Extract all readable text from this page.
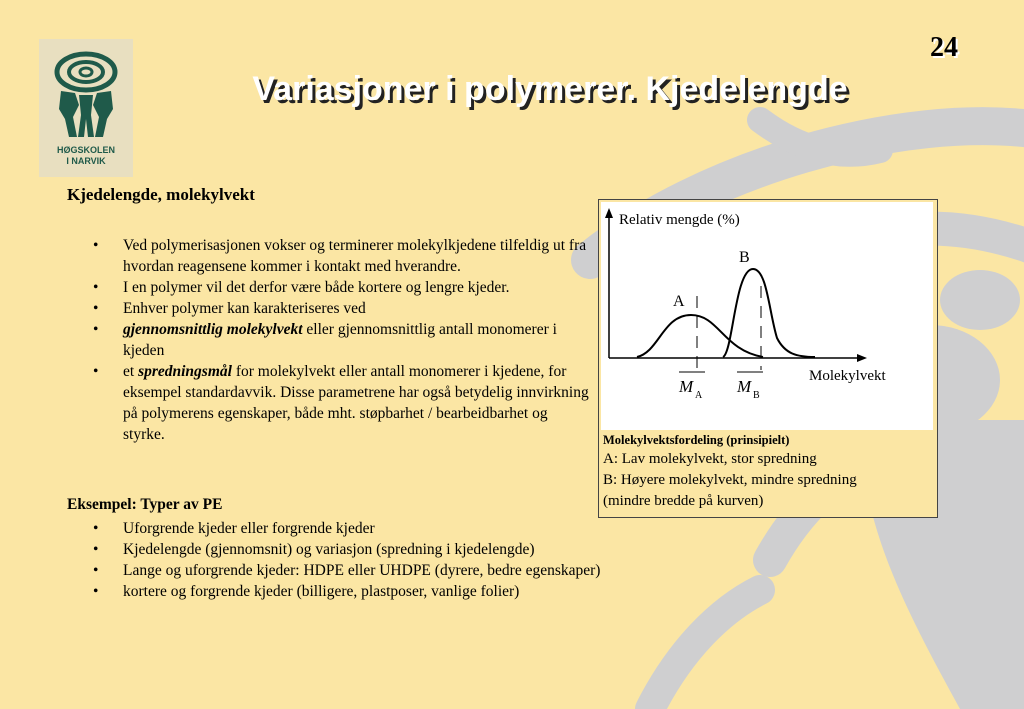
HØGSKOLEN
I NARVIK
24
Variasjoner i polymerer. Kjedelengde
Kjedelengde, molekylvekt
• Ved polymerisasjonen vokser og terminerer molekylkjedene tilfeldig ut fra hvordan reagensene kommer i kontakt med hverandre.
• I en polymer vil det derfor være både kortere og lengre kjeder.
• Enhver polymer kan karakteriseres ved
• gjennomsnittlig molekylvekt eller gjennomsnittlig antall monomerer i kjeden
• et spredningsmål for molekylvekt eller antall monomerer i kjedene, for eksempel standardavvik. Disse parametrene har også betydelig innvirkning på polymerens egenskaper, både mht. støpbarhet / bearbeidbarhet og styrke.
Eksempel: Typer av PE
• Uforgrende kjeder eller forgrende kjeder
• Kjedelengde (gjennomsnit) og variasjon (spredning i kjedelengde)
• Lange og uforgrende kjeder: HDPE eller UHDPE (dyrere, bedre egenskaper)
• kortere og forgrende kjeder (billigere, plastposer, vanlige folier)
Relativ mengde (%)
Molekylvekt
A
B
M A M B
Molekylvektsfordeling (prinsipielt)
A: Lav molekylvekt, stor spredning
B: Høyere molekylvekt, mindre spredning
(mindre bredde på kurven)
